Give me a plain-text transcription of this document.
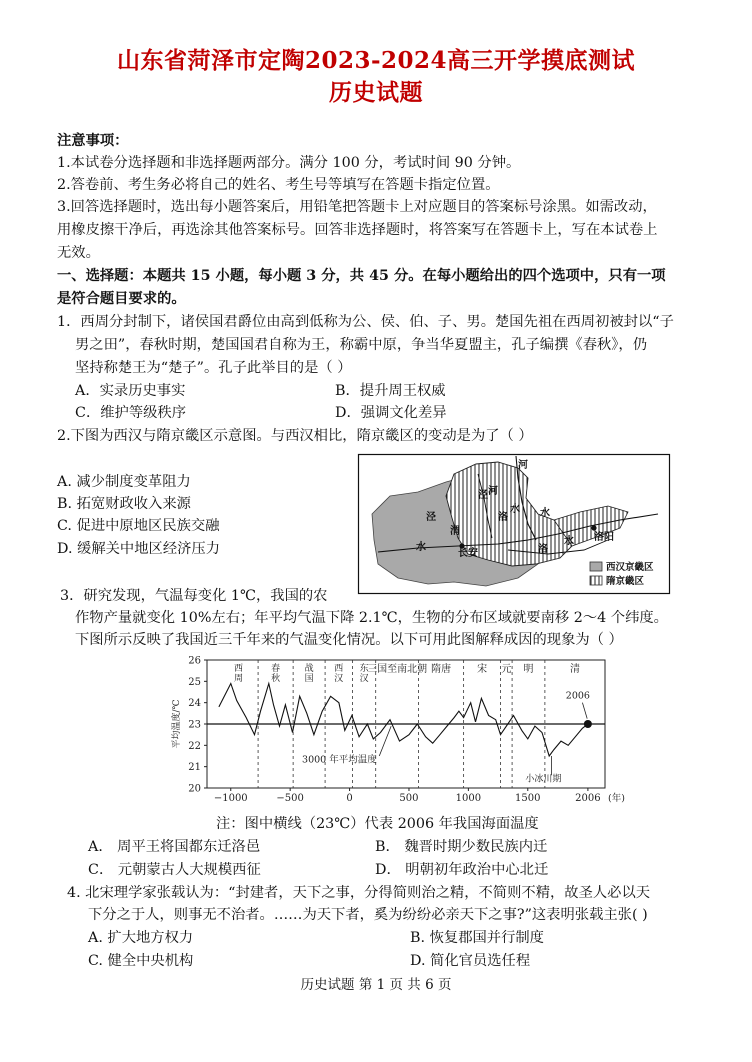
山东省菏泽市定陶2023-2024高三开学摸底测试
历史试题
注意事项：
1.本试卷分选择题和非选择题两部分。满分 100 分，考试时间 90 分钟。
2.答卷前、考生务必将自己的姓名、考生号等填写在答题卡指定位置。
3.回答选择题时，选出每小题答案后，用铅笔把答题卡上对应题目的答案标号涂黑。如需改动，
用橡皮擦干净后，再选涂其他答案标号。回答非选择题时，将答案写在答题卡上，写在本试卷上
无效。
一、选择题：本题共 15 小题，每小题 3 分，共 45 分。在每小题给出的四个选项中，只有一项
是符合题目要求的。
1．西周分封制下，诸侯国君爵位由高到低称为公、侯、伯、子、男。楚国先祖在西周初被封以“子
男之田”，春秋时期，楚国国君自称为王，称霸中原，争当华夏盟主，孔子编撰《春秋》，仍
坚持称楚王为“楚子”。孔子此举目的是（ ）
A．实录历史事实	B．提升周王权威
C．维护等级秩序	D．强调文化差异
2.下图为西汉与隋京畿区示意图。与西汉相比，隋京畿区的变动是为了（ ）
A. 减少制度变革阻力
B. 拓宽财政收入来源
C. 促进中原地区民族交融
D. 缓解关中地区经济压力
河
泾
水
渭
洛
水
长安
洛阳
泾
水
洛	水
河
西汉京畿区
隋京畿区
3．研究发现，气温每变化 1℃，我国的农
作物产量就变化 10%左右；年平均气温下降 2.1℃，生物的分布区域就要南移 2～4 个纬度。
下图所示反映了我国近三千年来的气温变化情况。以下可用此图解释成因的现象为（ ）
20
21
22
23
24
25
26
−1000	−500	0	500	1000	1500	2006 (年)
平均温度/℃
西
周
春
秋
战
国
西
汉
东
汉
三国至南北朝 隋唐	宋 元 明	清
3000 年平均温度
小冰川期
2006
注：图中横线（23℃）代表 2006 年我国海面温度
A． 周平王将国都东迁洛邑	B． 魏晋时期少数民族内迁
C． 元朝蒙古人大规模西征	D． 明朝初年政治中心北迁
4. 北宋理学家张载认为：“封建者，天下之事，分得简则治之精，不简则不精，故圣人必以天
下分之于人，则事无不治者。……为天下者，奚为纷纷必亲天下之事?”这表明张载主张( )
A. 扩大地方权力	B. 恢复郡国并行制度
C. 健全中央机构	D. 简化官员选任程
历史试题 第 1 页 共 6 页
